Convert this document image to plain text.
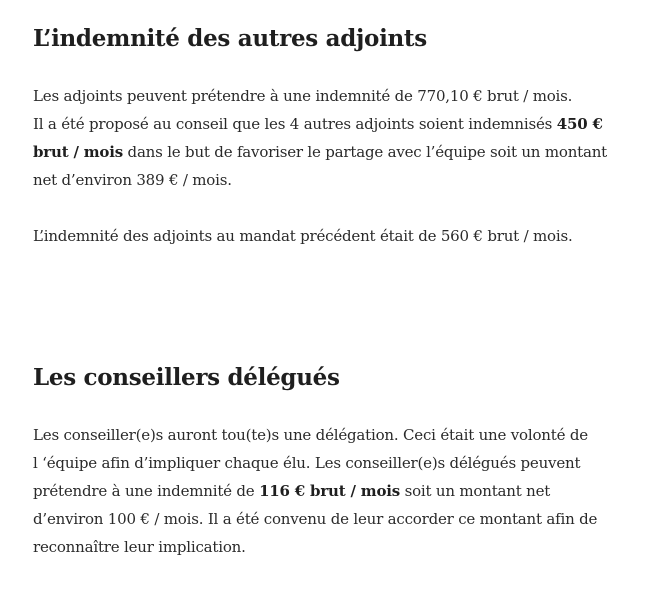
L’indemnité des autres adjoints

Les adjoints peuvent prétendre à une indemnité de 770,10 € brut / mois.
Il a été proposé au conseil que les 4 autres adjoints soient indemnisés 450 €
brut / mois dans le but de favoriser le partage avec l’équipe soit un montant
net d’environ 389 € / mois.

L’indemnité des adjoints au mandat précédent était de 560 € brut / mois.

Les conseillers délégués

Les conseiller(e)s auront tou(te)s une délégation. Ceci était une volonté de
l ‘équipe afin d’impliquer chaque élu. Les conseiller(e)s délégués peuvent
prétendre à une indemnité de 116 € brut / mois soit un montant net
d’environ 100 € / mois. Il a été convenu de leur accorder ce montant afin de
reconnaître leur implication.
